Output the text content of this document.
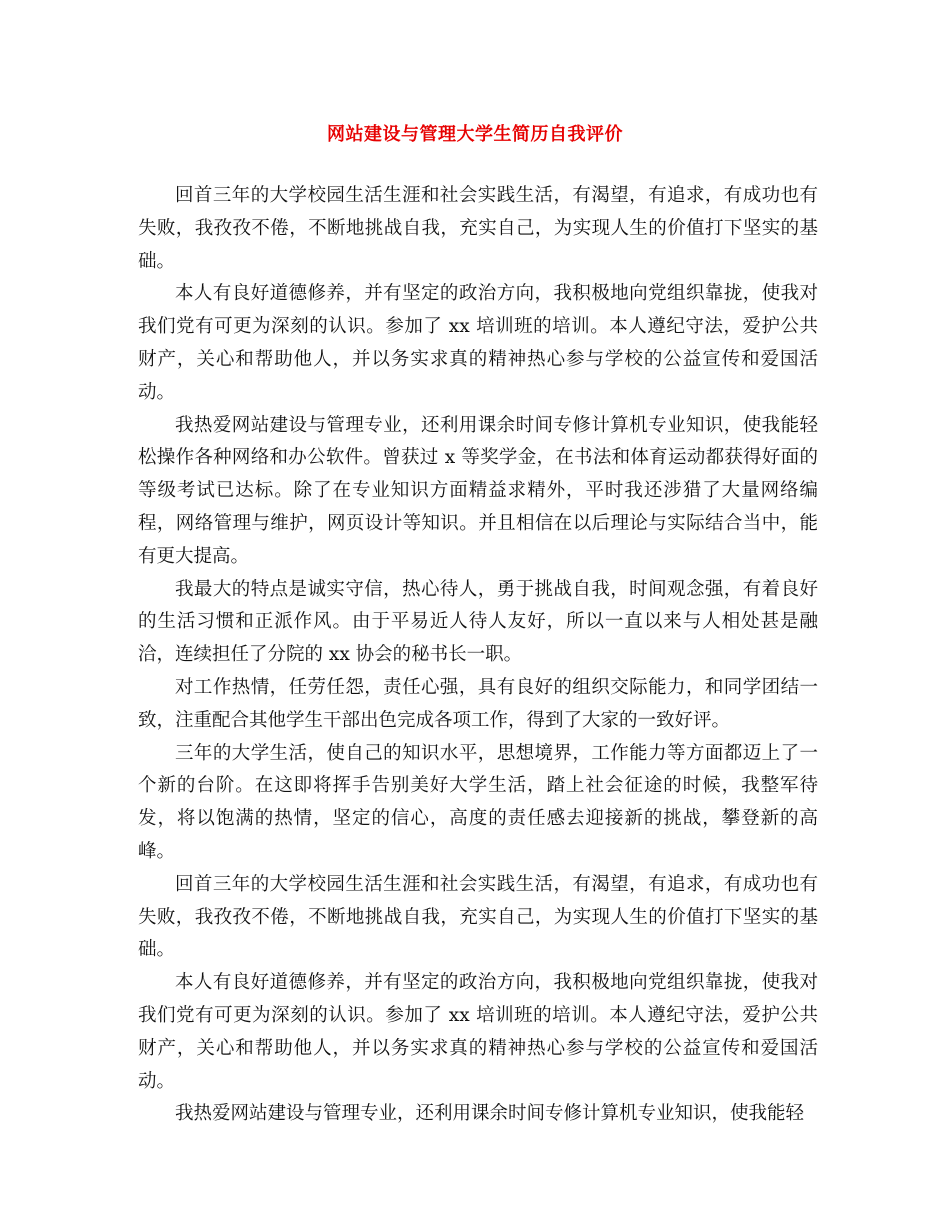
网站建设与管理大学生简历自我评价

回首三年的大学校园生活生涯和社会实践生活，有渴望，有追求，有成功也有失败，我孜孜不倦，不断地挑战自我，充实自己，为实现人生的价值打下坚实的基础。

本人有良好道德修养，并有坚定的政治方向，我积极地向党组织靠拢，使我对我们党有可更为深刻的认识。参加了 xx 培训班的培训。本人遵纪守法，爱护公共财产，关心和帮助他人，并以务实求真的精神热心参与学校的公益宣传和爱国活动。

我热爱网站建设与管理专业，还利用课余时间专修计算机专业知识，使我能轻松操作各种网络和办公软件。曾获过 x 等奖学金，在书法和体育运动都获得好面的等级考试已达标。除了在专业知识方面精益求精外，平时我还涉猎了大量网络编程，网络管理与维护，网页设计等知识。并且相信在以后理论与实际结合当中，能有更大提高。

我最大的特点是诚实守信，热心待人，勇于挑战自我，时间观念强，有着良好的生活习惯和正派作风。由于平易近人待人友好，所以一直以来与人相处甚是融洽，连续担任了分院的 xx 协会的秘书长一职。

对工作热情，任劳任怨，责任心强，具有良好的组织交际能力，和同学团结一致，注重配合其他学生干部出色完成各项工作，得到了大家的一致好评。

三年的大学生活，使自己的知识水平，思想境界，工作能力等方面都迈上了一个新的台阶。在这即将挥手告别美好大学生活，踏上社会征途的时候，我整军待发，将以饱满的热情，坚定的信心，高度的责任感去迎接新的挑战，攀登新的高峰。

回首三年的大学校园生活生涯和社会实践生活，有渴望，有追求，有成功也有失败，我孜孜不倦，不断地挑战自我，充实自己，为实现人生的价值打下坚实的基础。

本人有良好道德修养，并有坚定的政治方向，我积极地向党组织靠拢，使我对我们党有可更为深刻的认识。参加了 xx 培训班的培训。本人遵纪守法，爱护公共财产，关心和帮助他人，并以务实求真的精神热心参与学校的公益宣传和爱国活动。

我热爱网站建设与管理专业，还利用课余时间专修计算机专业知识，使我能轻
